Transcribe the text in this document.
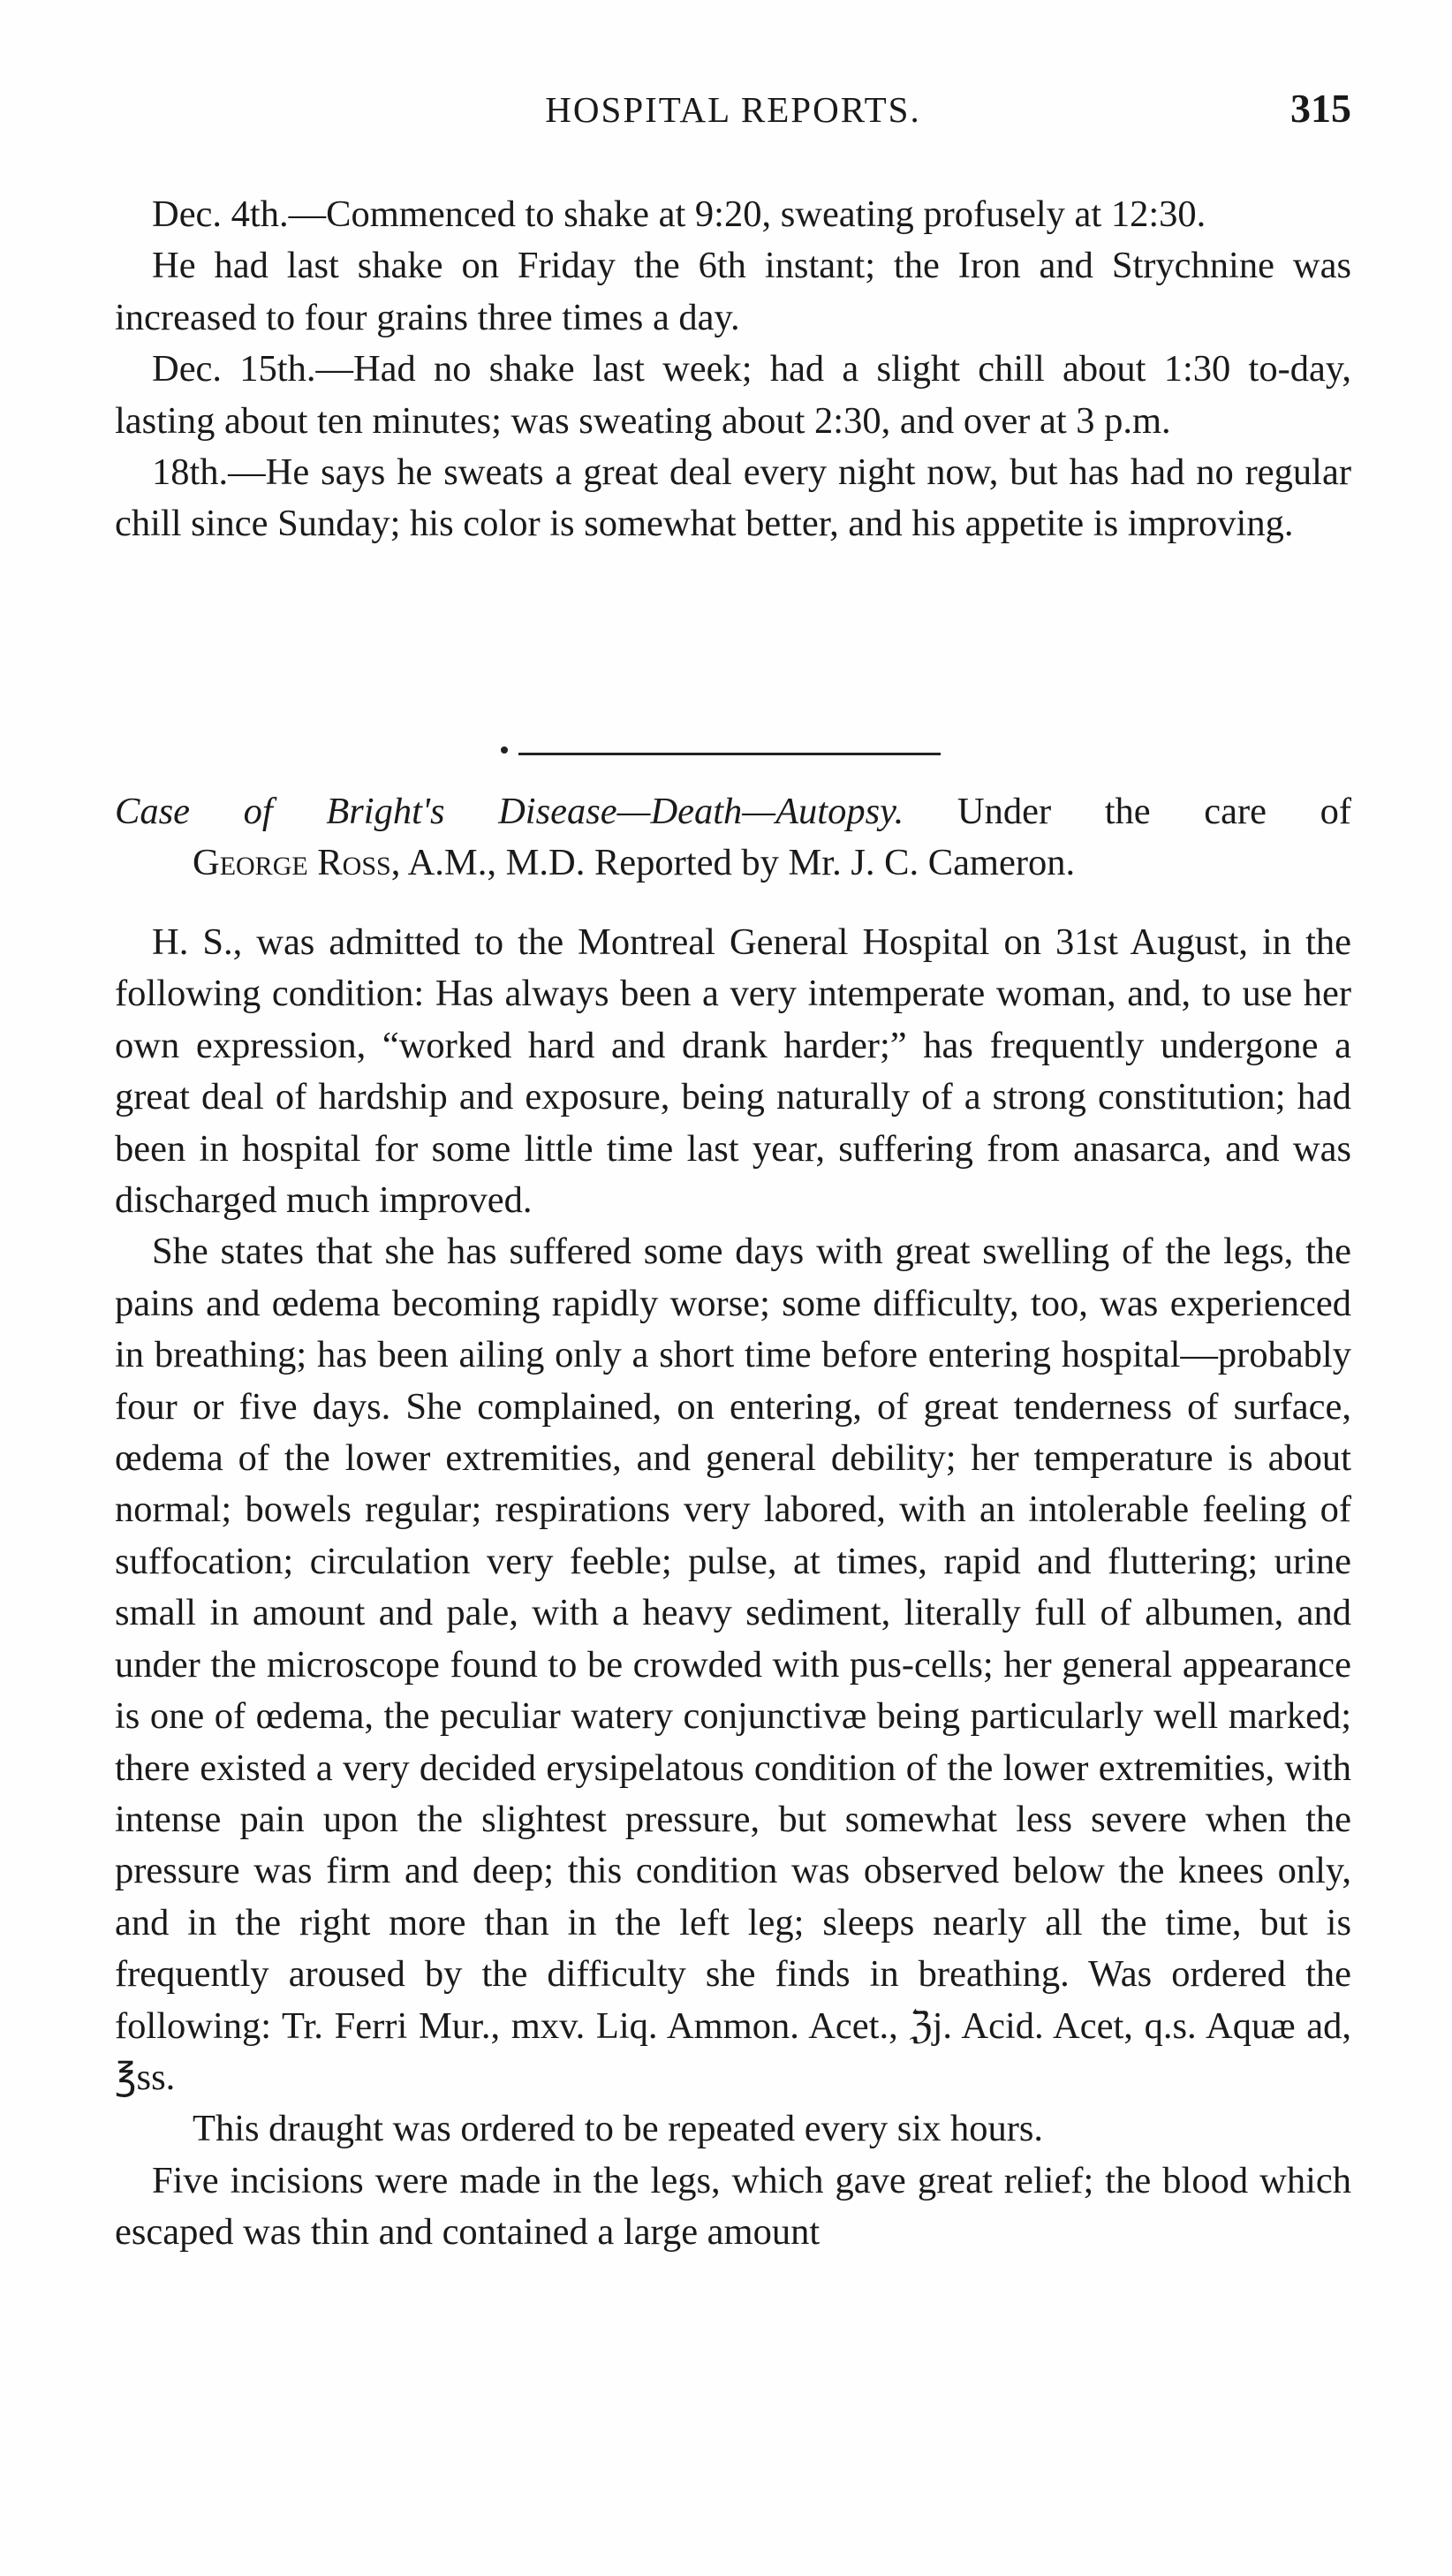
HOSPITAL REPORTS.	315

Dec. 4th.—Commenced to shake at 9:20, sweating profusely at 12:30.

He had last shake on Friday the 6th instant; the Iron and Strychnine was increased to four grains three times a day.

Dec. 15th.—Had no shake last week; had a slight chill about 1:30 to-day, lasting about ten minutes; was sweating about 2:30, and over at 3 p.m.

18th.—He says he sweats a great deal every night now, but has had no regular chill since Sunday; his color is somewhat better, and his appetite is improving.

Case of Bright's Disease—Death—Autopsy. Under the care of
George Ross, A.M., M.D. Reported by Mr. J. C. Cameron.

H. S., was admitted to the Montreal General Hospital on 31st August, in the following condition: Has always been a very intemperate woman, and, to use her own expression, “worked hard and drank harder;” has frequently undergone a great deal of hardship and exposure, being naturally of a strong constitution; had been in hospital for some little time last year, suffering from anasarca, and was discharged much improved.

She states that she has suffered some days with great swelling of the legs, the pains and œdema becoming rapidly worse; some difficulty, too, was experienced in breathing; has been ailing only a short time before entering hospital—probably four or five days. She complained, on entering, of great tenderness of surface, œdema of the lower extremities, and general debility; her temperature is about normal; bowels regular; respirations very labored, with an intolerable feeling of suffocation; circulation very feeble; pulse, at times, rapid and fluttering; urine small in amount and pale, with a heavy sediment, literally full of albumen, and under the microscope found to be crowded with pus-cells; her general appearance is one of œdema, the peculiar watery conjunctivæ being particularly well marked; there existed a very decided erysipelatous condition of the lower extremities, with intense pain upon the slightest pressure, but somewhat less severe when the pressure was firm and deep; this condition was observed below the knees only, and in the right more than in the left leg; sleeps nearly all the time, but is frequently aroused by the difficulty she finds in breathing. Was ordered the following: Tr. Ferri Mur., mxv. Liq. Ammon. Acet., ℨj. Acid. Acet, q.s. Aquæ ad, ℥ss.

This draught was ordered to be repeated every six hours.

Five incisions were made in the legs, which gave great relief; the blood which escaped was thin and contained a large amount
